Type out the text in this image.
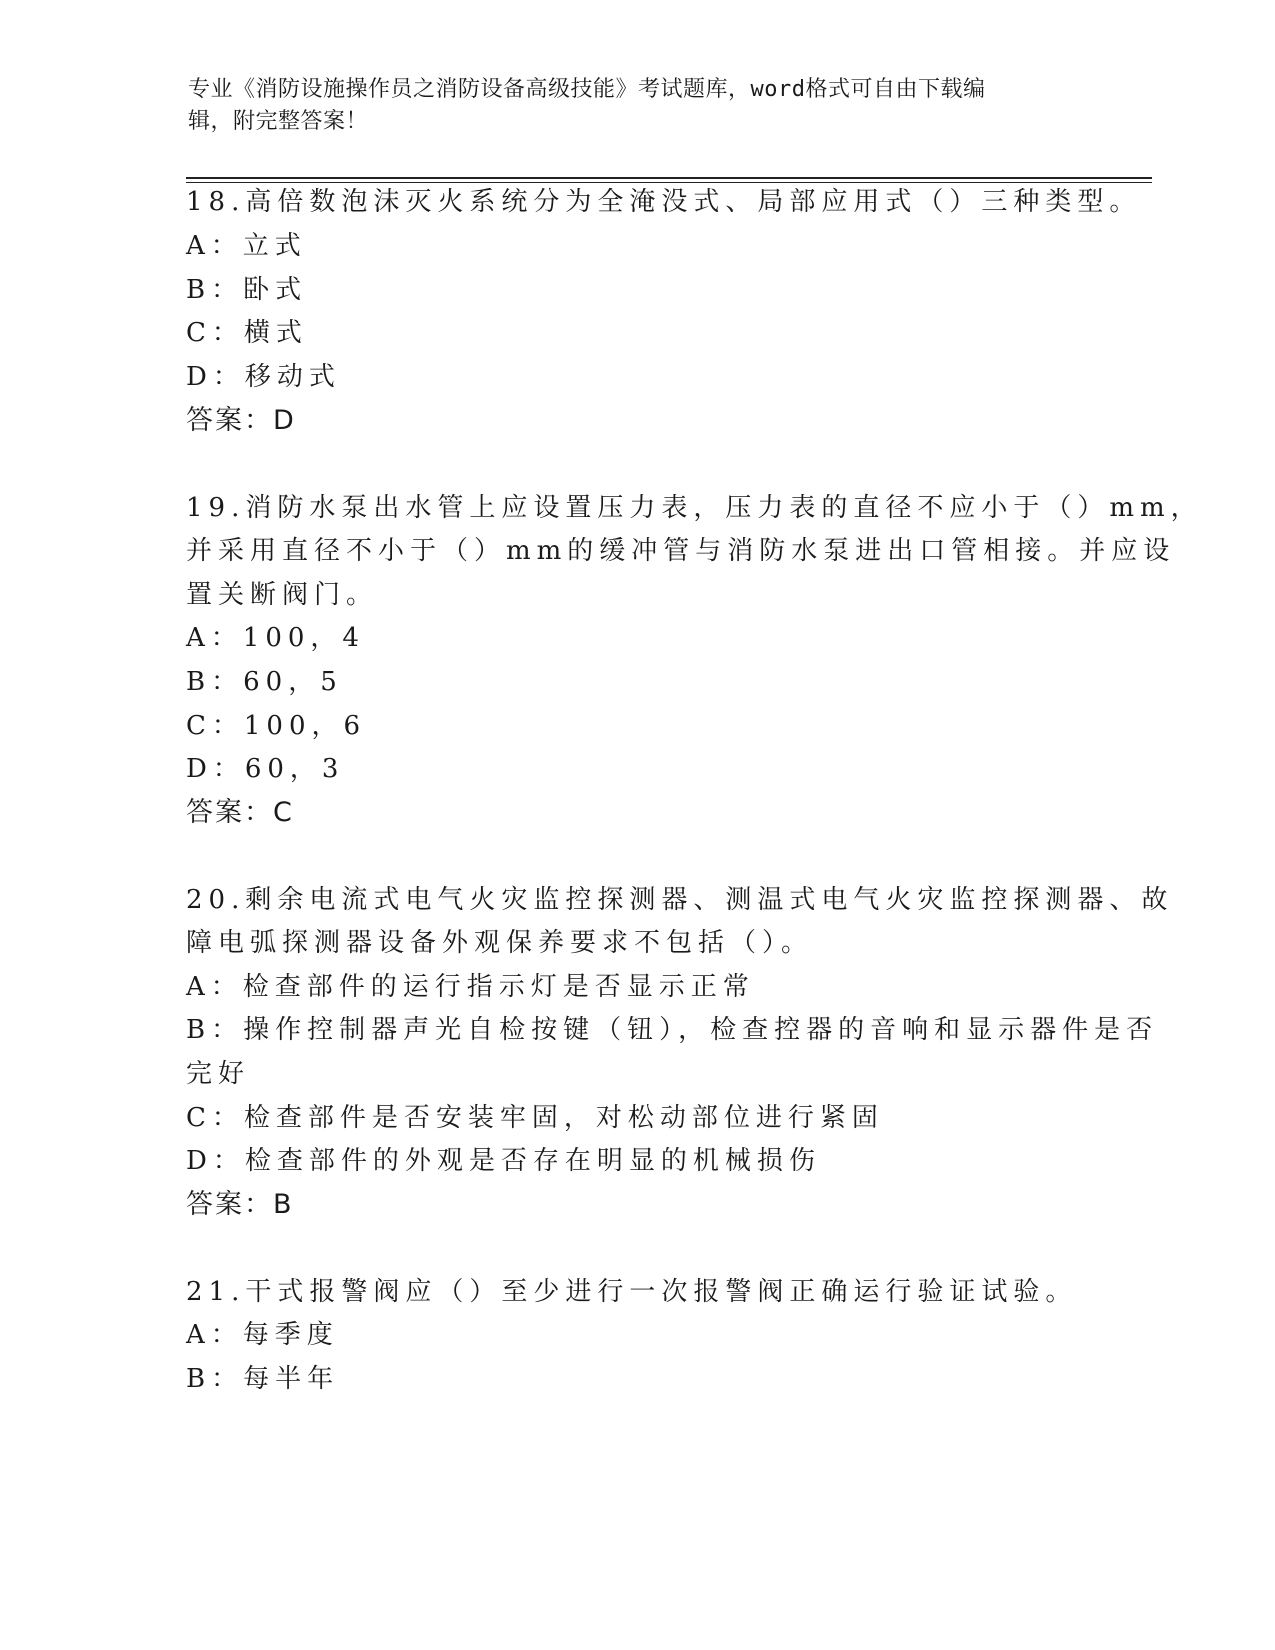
专业《消防设施操作员之消防设备高级技能》考试题库，word格式可自由下载编
辑，附完整答案！
18.高倍数泡沫灭火系统分为全淹没式、局部应用式（）三种类型。
A：立式
B：卧式
C：横式
D：移动式
答案：D
19.消防水泵出水管上应设置压力表，压力表的直径不应小于（）mm，
并采用直径不小于（）mm的缓冲管与消防水泵进出口管相接。并应设
置关断阀门。
A：100，4
B：60，5
C：100，6
D：60，3
答案：C
20.剩余电流式电气火灾监控探测器、测温式电气火灾监控探测器、故
障电弧探测器设备外观保养要求不包括（）。
A：检查部件的运行指示灯是否显示正常
B：操作控制器声光自检按键（钮），检查控器的音响和显示器件是否
完好
C：检查部件是否安装牢固，对松动部位进行紧固
D：检查部件的外观是否存在明显的机械损伤
答案：B
21.干式报警阀应（）至少进行一次报警阀正确运行验证试验。
A：每季度
B：每半年
